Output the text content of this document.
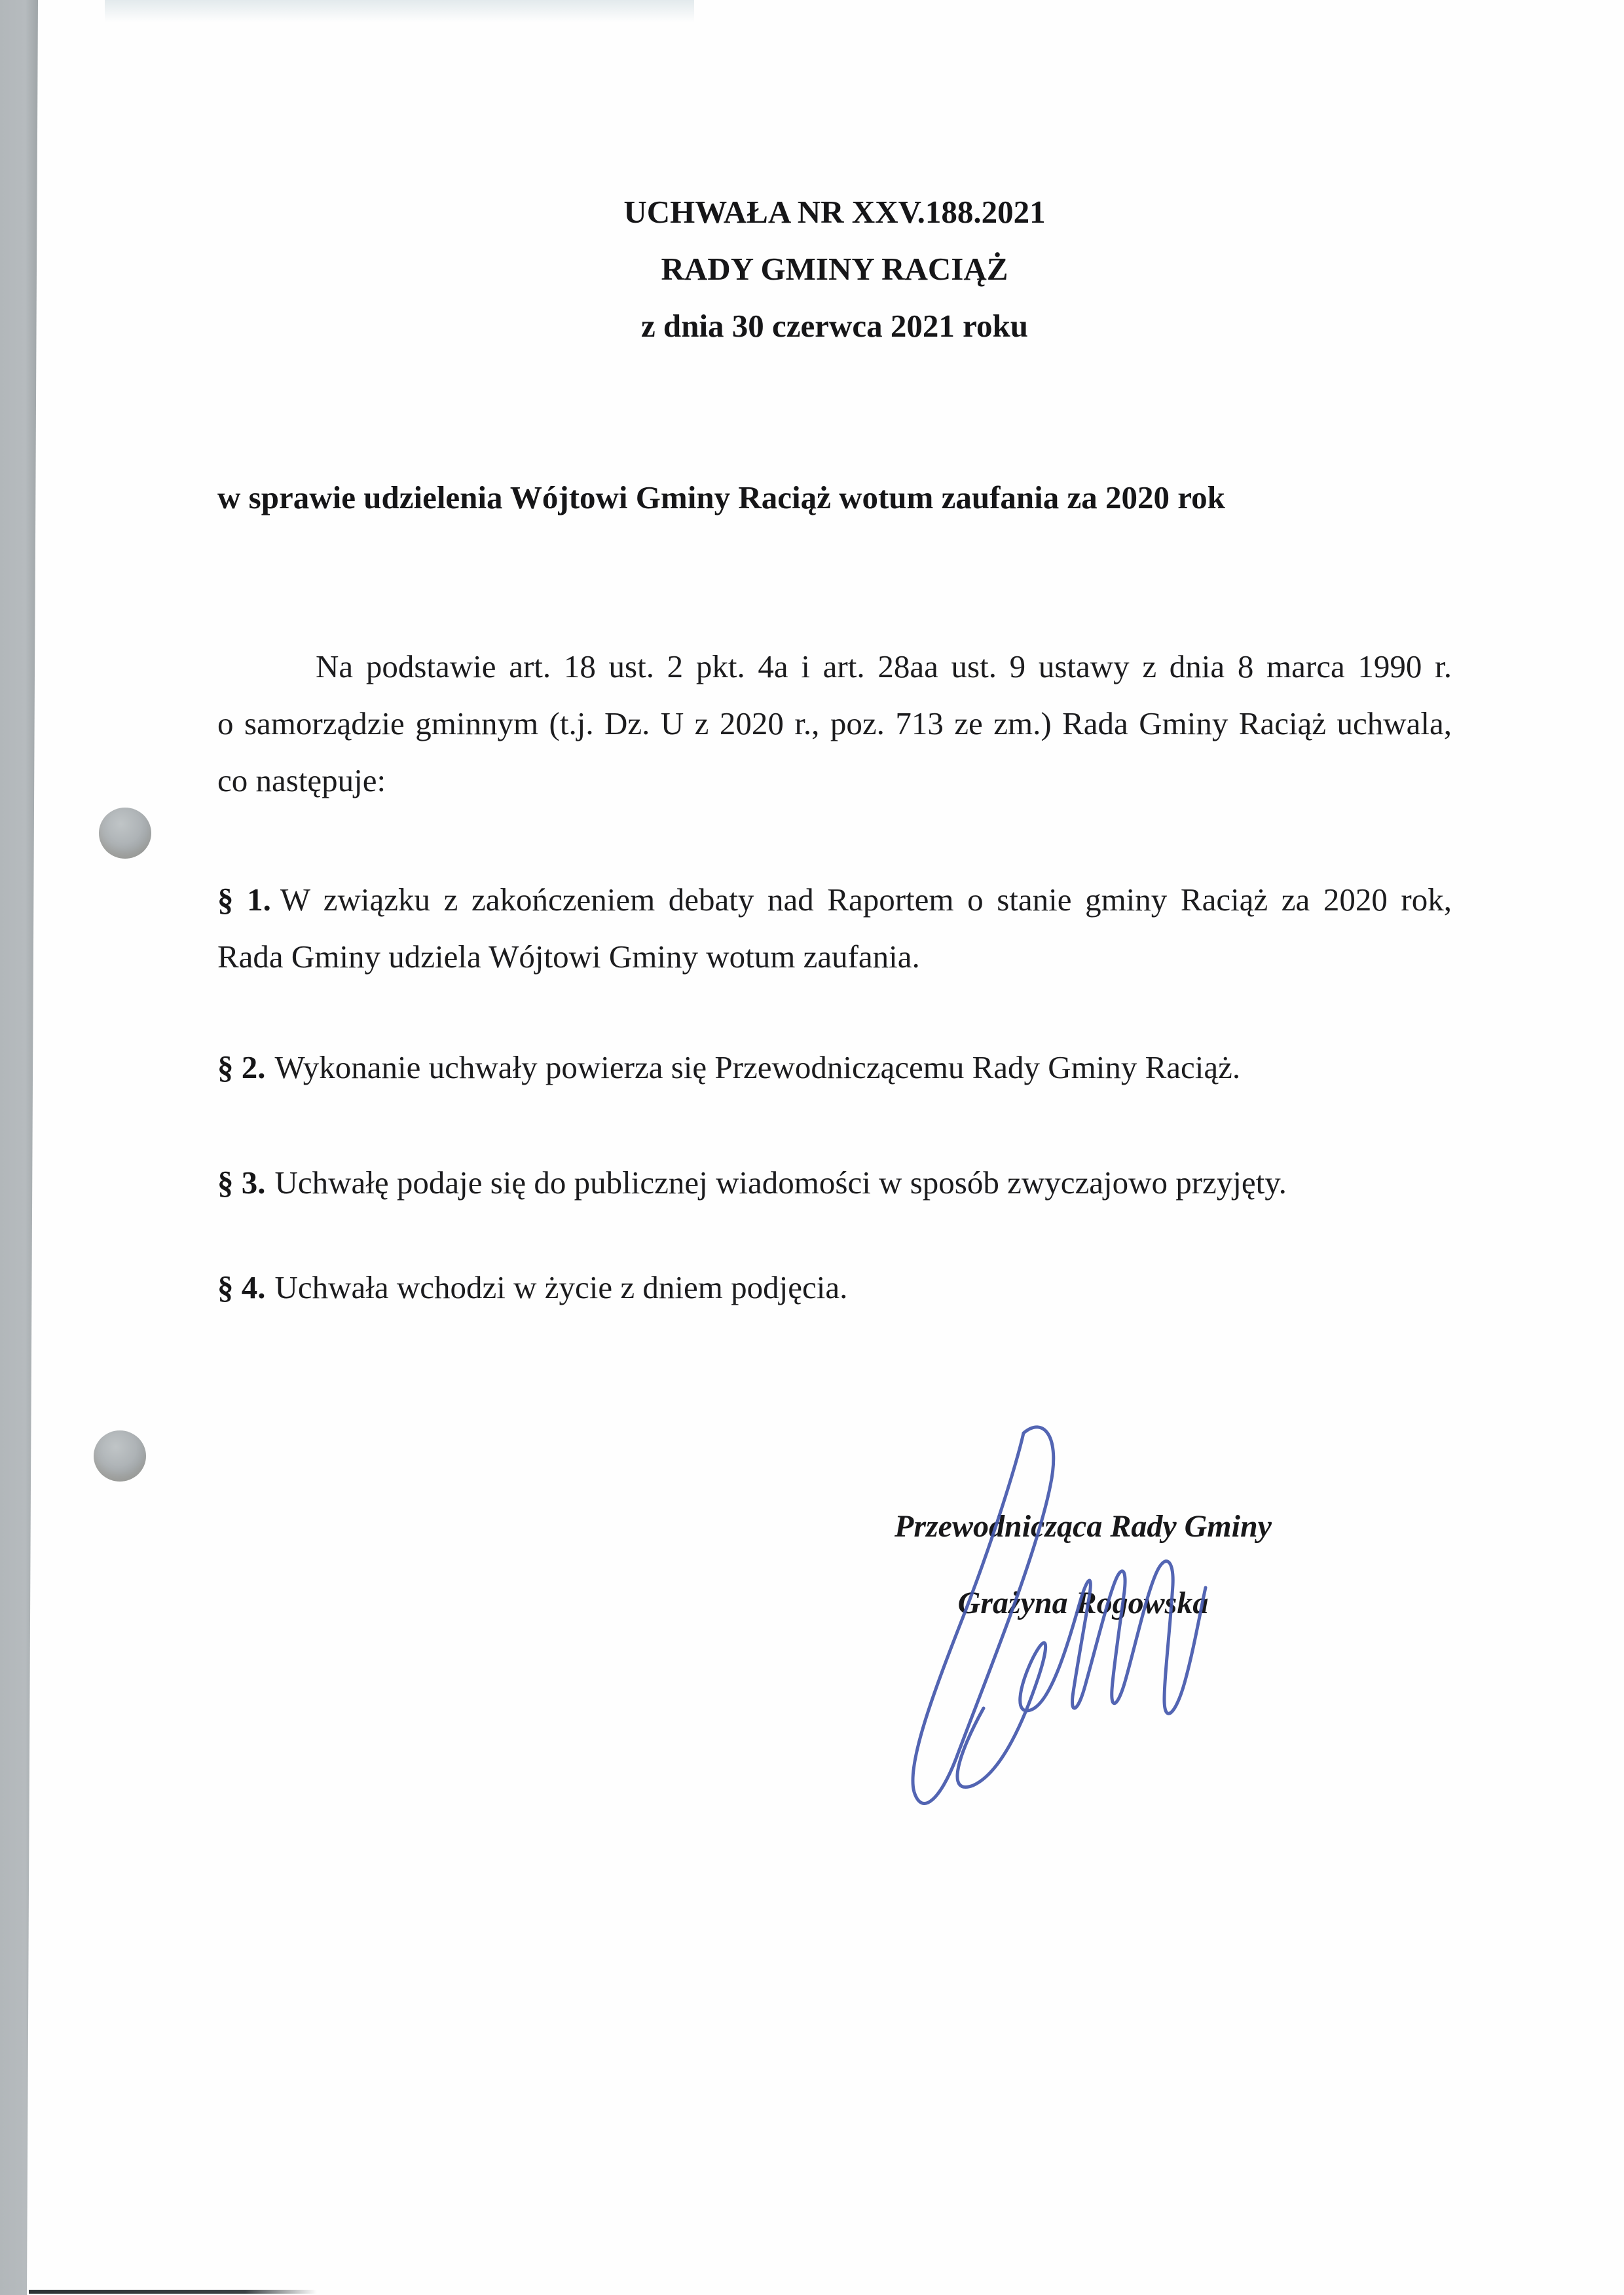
UCHWAŁA NR XXV.188.2021
RADY GMINY RACIĄŻ
z dnia 30 czerwca 2021 roku
w sprawie udzielenia Wójtowi Gminy Raciąż wotum zaufania za 2020 rok
Na podstawie art. 18 ust. 2 pkt. 4a i art. 28aa ust. 9 ustawy z dnia 8 marca 1990 r.
o samorządzie gminnym (t.j. Dz. U z 2020 r., poz. 713 ze zm.) Rada Gminy Raciąż uchwala,
co następuje:
§ 1. W związku z zakończeniem debaty nad Raportem o stanie gminy Raciąż za 2020 rok,
Rada Gminy udziela Wójtowi Gminy wotum zaufania.
§ 2. Wykonanie uchwały powierza się Przewodniczącemu Rady Gminy Raciąż.
§ 3. Uchwałę podaje się do publicznej wiadomości w sposób zwyczajowo przyjęty.
§ 4. Uchwała wchodzi w życie z dniem podjęcia.
Przewodnicząca Rady Gminy
Grażyna Rogowska
